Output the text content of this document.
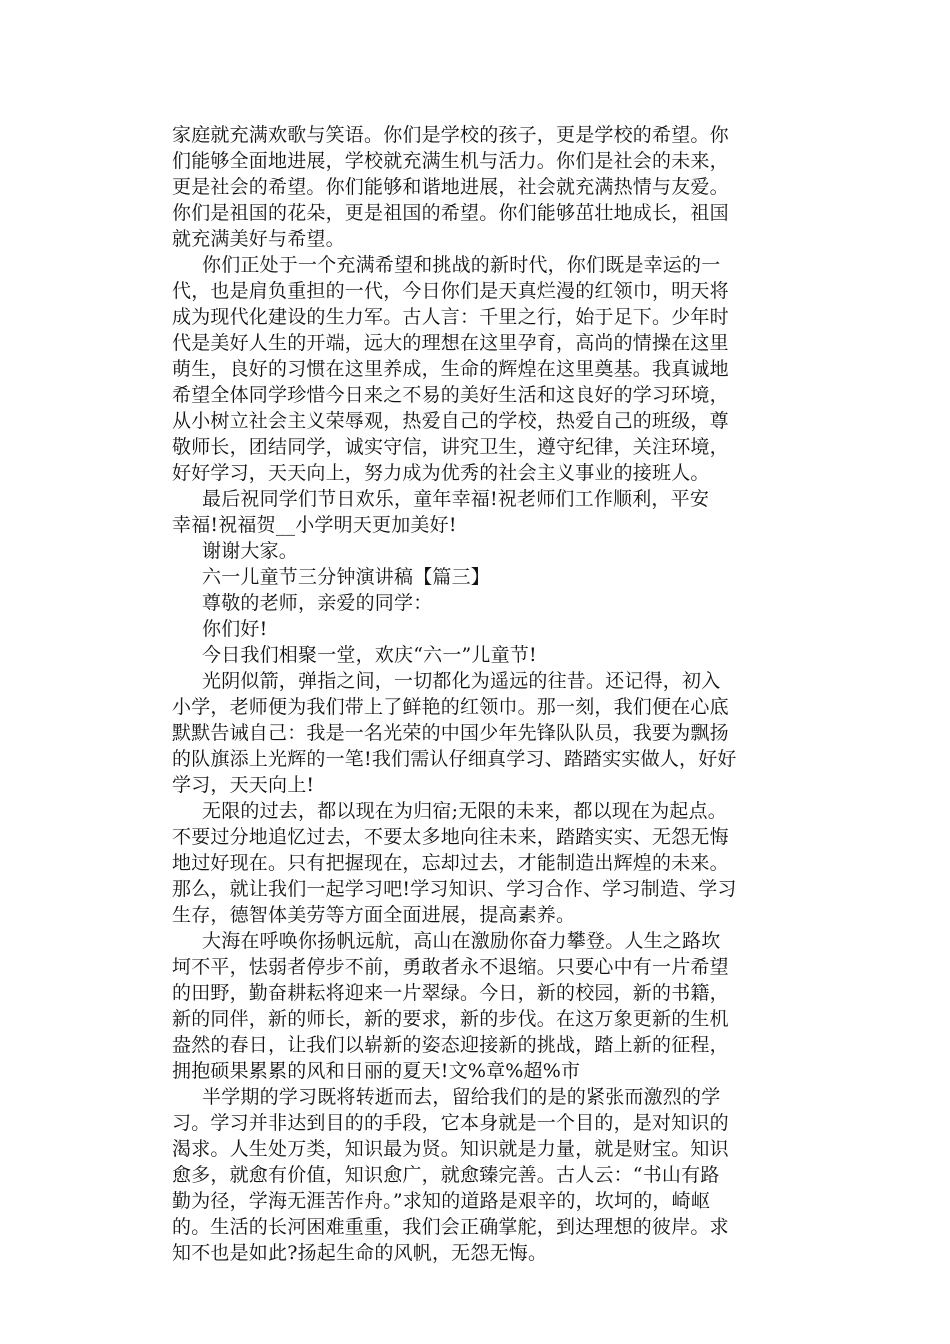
家庭就充满欢歌与笑语。你们是学校的孩子，更是学校的希望。你
们能够全面地进展，学校就充满生机与活力。你们是社会的未来，
更是社会的希望。你们能够和谐地进展，社会就充满热情与友爱。
你们是祖国的花朵，更是祖国的希望。你们能够茁壮地成长，祖国
就充满美好与希望。
你们正处于一个充满希望和挑战的新时代，你们既是幸运的一
代，也是肩负重担的一代，今日你们是天真烂漫的红领巾，明天将
成为现代化建设的生力军。古人言：千里之行，始于足下。少年时
代是美好人生的开端，远大的理想在这里孕育，高尚的情操在这里
萌生，良好的习惯在这里养成，生命的辉煌在这里奠基。我真诚地
希望全体同学珍惜今日来之不易的美好生活和这良好的学习环境，
从小树立社会主义荣辱观，热爱自己的学校，热爱自己的班级，尊
敬师长，团结同学，诚实守信，讲究卫生，遵守纪律，关注环境，
好好学习，天天向上，努力成为优秀的社会主义事业的接班人。
最后祝同学们节日欢乐，童年幸福!祝老师们工作顺利，平安
幸福!祝福贺__小学明天更加美好!
谢谢大家。
六一儿童节三分钟演讲稿【篇三】
尊敬的老师，亲爱的同学：
你们好!
今日我们相聚一堂，欢庆“六一”儿童节!
光阴似箭，弹指之间，一切都化为遥远的往昔。还记得，初入
小学，老师便为我们带上了鲜艳的红领巾。那一刻，我们便在心底
默默告诫自己：我是一名光荣的中国少年先锋队队员，我要为飘扬
的队旗添上光辉的一笔!我们需认仔细真学习、踏踏实实做人，好好
学习，天天向上!
无限的过去，都以现在为归宿;无限的未来，都以现在为起点。
不要过分地追忆过去，不要太多地向往未来，踏踏实实、无怨无悔
地过好现在。只有把握现在，忘却过去，才能制造出辉煌的未来。
那么，就让我们一起学习吧!学习知识、学习合作、学习制造、学习
生存，德智体美劳等方面全面进展，提高素养。
大海在呼唤你扬帆远航，高山在激励你奋力攀登。人生之路坎
坷不平，怯弱者停步不前，勇敢者永不退缩。只要心中有一片希望
的田野，勤奋耕耘将迎来一片翠绿。今日，新的校园，新的书籍，
新的同伴，新的师长，新的要求，新的步伐。在这万象更新的生机
盎然的春日，让我们以崭新的姿态迎接新的挑战，踏上新的征程，
拥抱硕果累累的风和日丽的夏天!文%章%超%市
半学期的学习既将转逝而去，留给我们的是的紧张而激烈的学
习。学习并非达到目的的手段，它本身就是一个目的，是对知识的
渴求。人生处万类，知识最为贤。知识就是力量，就是财宝。知识
愈多，就愈有价值，知识愈广，就愈臻完善。古人云：“书山有路
勤为径，学海无涯苦作舟。”求知的道路是艰辛的，坎坷的，崎岖
的。生活的长河困难重重，我们会正确掌舵，到达理想的彼岸。求
知不也是如此?扬起生命的风帆，无怨无悔。
